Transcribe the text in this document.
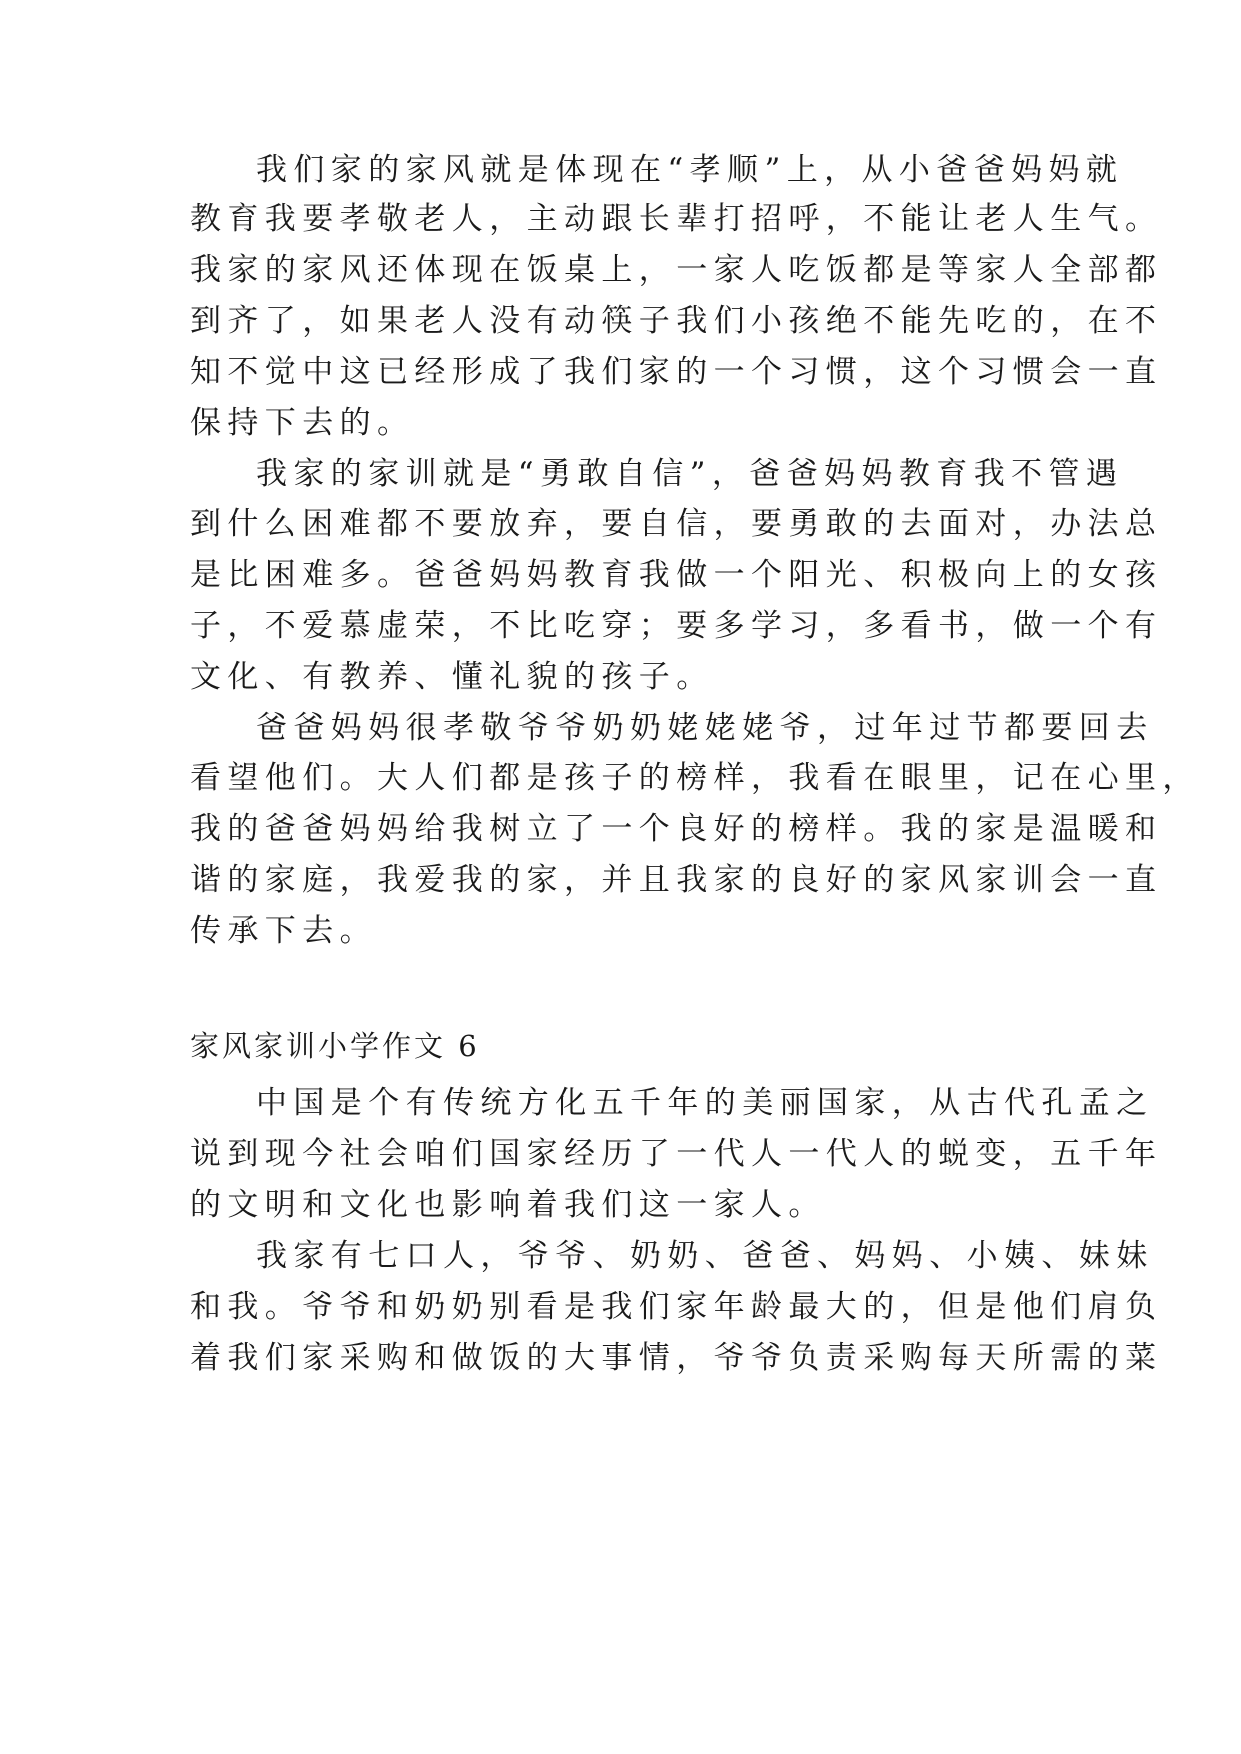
我们家的家风就是体现在“孝顺”上，从小爸爸妈妈就
教育我要孝敬老人，主动跟长辈打招呼，不能让老人生气。
我家的家风还体现在饭桌上，一家人吃饭都是等家人全部都
到齐了，如果老人没有动筷子我们小孩绝不能先吃的，在不
知不觉中这已经形成了我们家的一个习惯，这个习惯会一直
保持下去的。
我家的家训就是“勇敢自信”，爸爸妈妈教育我不管遇
到什么困难都不要放弃，要自信，要勇敢的去面对，办法总
是比困难多。爸爸妈妈教育我做一个阳光、积极向上的女孩
子，不爱慕虚荣，不比吃穿；要多学习，多看书，做一个有
文化、有教养、懂礼貌的孩子。
爸爸妈妈很孝敬爷爷奶奶姥姥姥爷，过年过节都要回去
看望他们。大人们都是孩子的榜样，我看在眼里，记在心里，
我的爸爸妈妈给我树立了一个良好的榜样。我的家是温暖和
谐的家庭，我爱我的家，并且我家的良好的家风家训会一直
传承下去。
家风家训小学作文 6
中国是个有传统方化五千年的美丽国家，从古代孔孟之
说到现今社会咱们国家经历了一代人一代人的蜕变，五千年
的文明和文化也影响着我们这一家人。
我家有七口人，爷爷、奶奶、爸爸、妈妈、小姨、妹妹
和我。爷爷和奶奶别看是我们家年龄最大的，但是他们肩负
着我们家采购和做饭的大事情，爷爷负责采购每天所需的菜
